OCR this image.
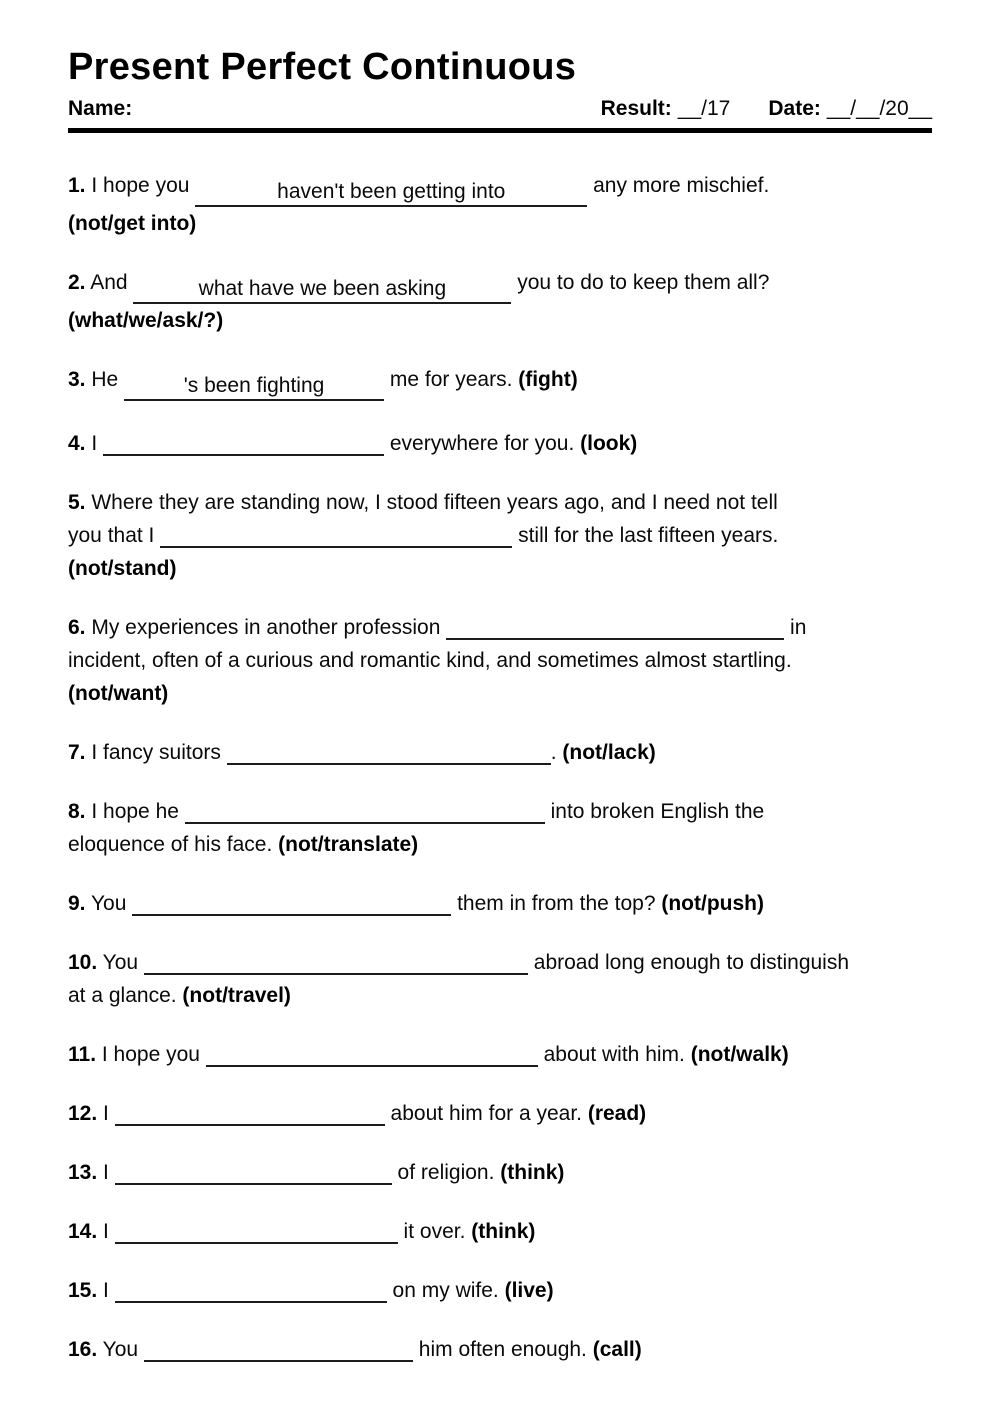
Present Perfect Continuous
Name:	Result: __/17 Date: __/__/20__

1. I hope you	haven't been getting into	any more mischief.
(not/get into)

2. And	what have we been asking	you to do to keep them all?
(what/we/ask/?)

3. He	's been fighting	me for years. (fight)

4. I	everywhere for you. (look)

5. Where they are standing now, I stood fifteen years ago, and I need not tell
you that I	still for the last fifteen years.
(not/stand)

6. My experiences in another profession	in
incident, often of a curious and romantic kind, and sometimes almost startling.
(not/want)

7. I fancy suitors	. (not/lack)

8. I hope he	into broken English the
eloquence of his face. (not/translate)

9. You	them in from the top? (not/push)

10. You	abroad long enough to distinguish
at a glance. (not/travel)

11. I hope you	about with him. (not/walk)

12. I	about him for a year. (read)

13. I	of religion. (think)

14. I	it over. (think)

15. I	on my wife. (live)

16. You	him often enough. (call)
